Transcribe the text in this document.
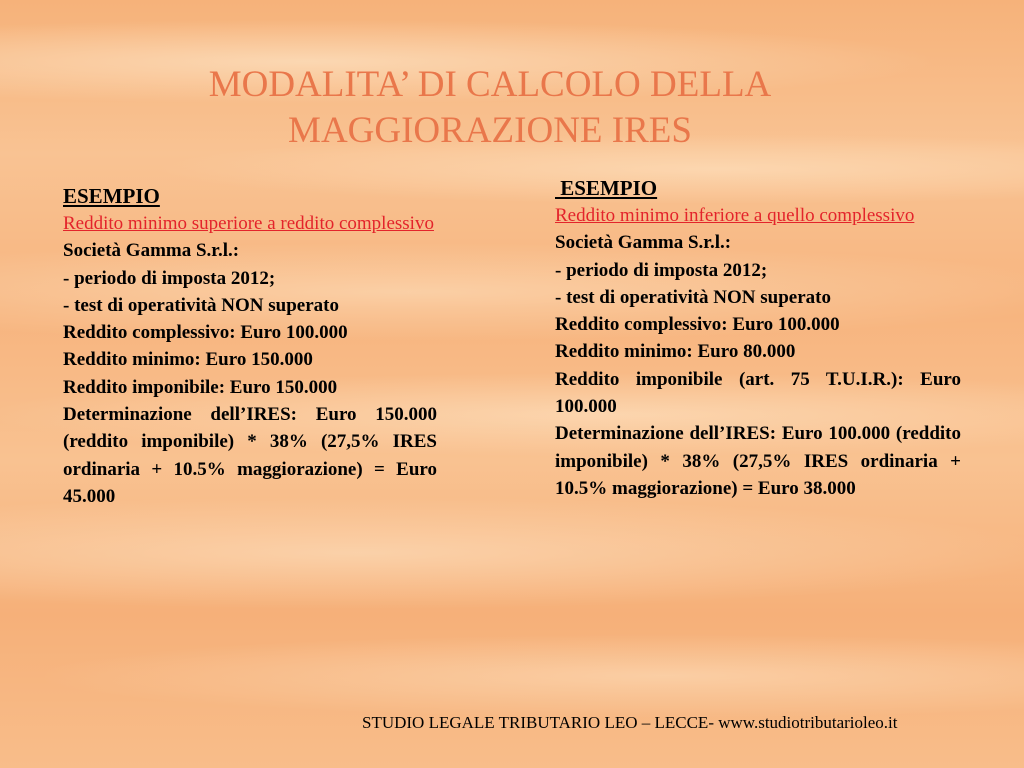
MODALITA’ DI CALCOLO DELLA
MAGGIORAZIONE IRES
ESEMPIO
Reddito minimo superiore a reddito complessivo
Società Gamma S.r.l.:
- periodo di imposta 2012;
- test di operatività NON superato
Reddito complessivo: Euro 100.000
Reddito minimo: Euro 150.000
Reddito imponibile: Euro 150.000
Determinazione dell’IRES: Euro 150.000 (reddito imponibile) * 38% (27,5% IRES ordinaria + 10.5% maggiorazione) = Euro 45.000
ESEMPIO
Reddito minimo inferiore a quello complessivo
Società Gamma S.r.l.:
- periodo di imposta 2012;
- test di operatività NON superato
Reddito complessivo: Euro 100.000
Reddito minimo: Euro 80.000
Reddito imponibile (art. 75 T.U.I.R.): Euro 100.000
Determinazione dell’IRES: Euro 100.000 (reddito imponibile) * 38% (27,5% IRES ordinaria + 10.5% maggiorazione) = Euro 38.000
STUDIO LEGALE TRIBUTARIO LEO – LECCE- www.studiotributarioleo.it
